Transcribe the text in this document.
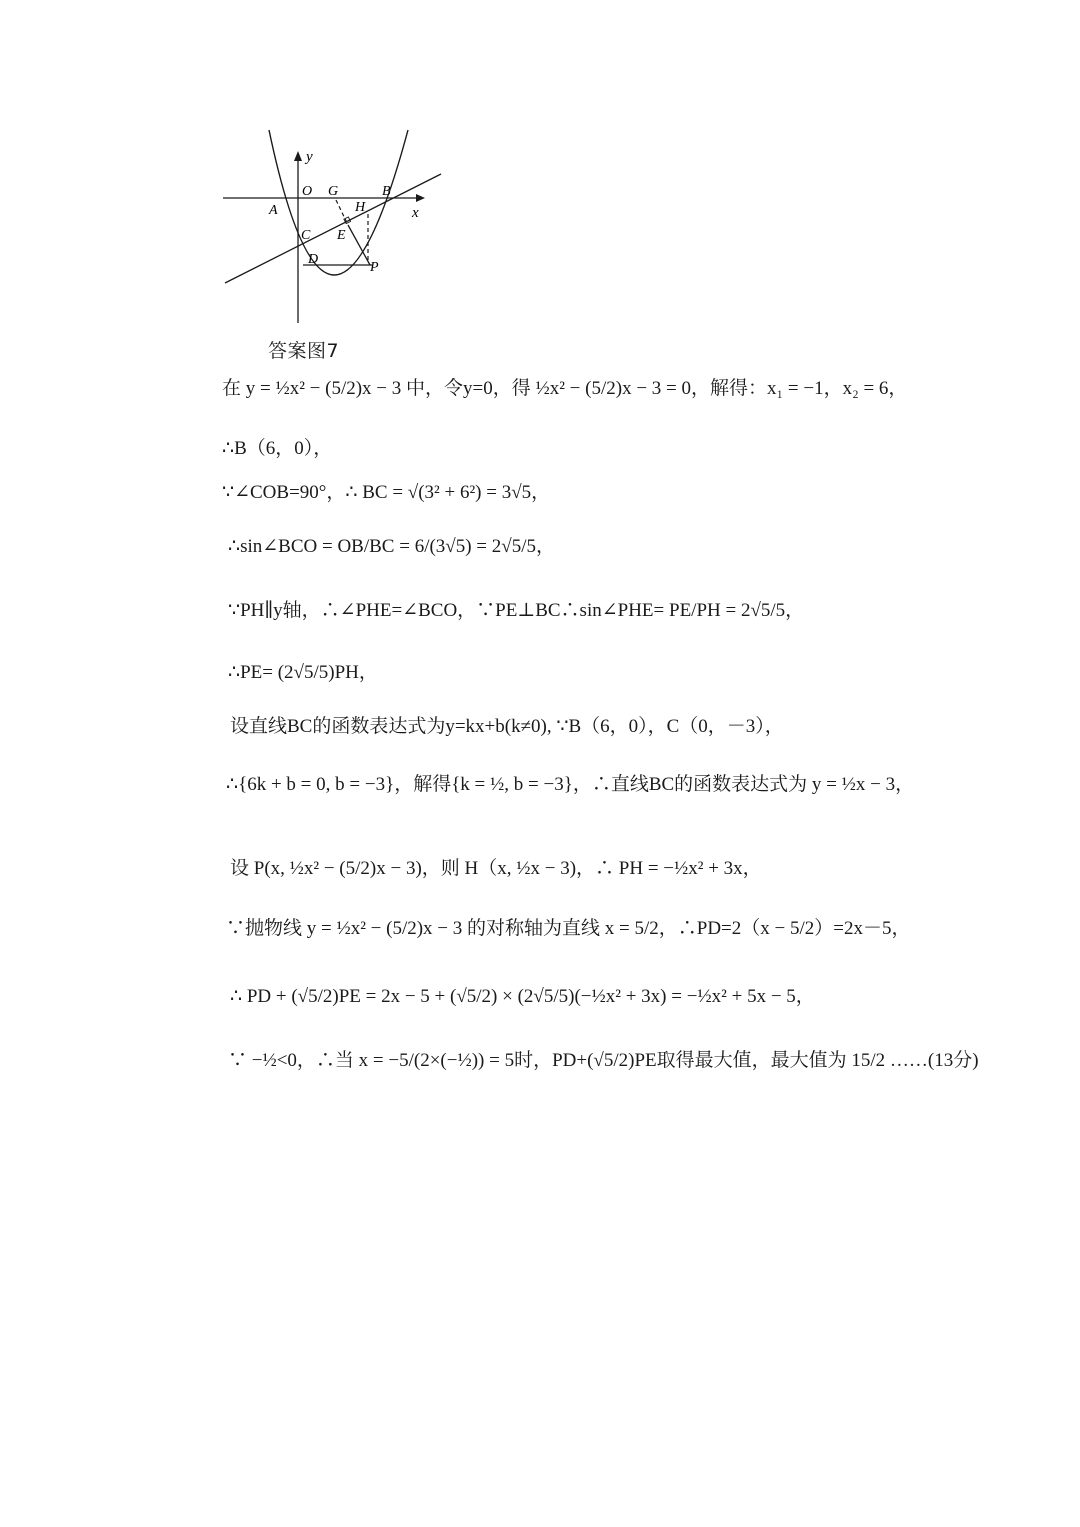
y
x
O G	B
A	H
E
C
D
P
答案图7
在 y = ½x² − (5/2)x − 3 中，令y=0，得 ½x² − (5/2)x − 3 = 0，解得：x₁ = −1，x₂ = 6，
∴B（6，0），
∵∠COB=90°，∴ BC = √(3² + 6²) = 3√5，
∴sin∠BCO = OB/BC = 6/(3√5) = 2√5/5，
∵PH∥y轴，∴∠PHE=∠BCO，∵PE⊥BC∴sin∠PHE= PE/PH = 2√5/5，
∴PE= (2√5/5)PH，
设直线BC的函数表达式为y=kx+b(k≠0), ∵B（6，0），C（0，－3），
∴{6k + b = 0, b = −3}，解得{k = ½, b = −3}，∴直线BC的函数表达式为 y = ½x − 3，
设 P(x, ½x² − (5/2)x − 3)，则 H（x, ½x − 3)，∴ PH = −½x² + 3x，
∵抛物线 y = ½x² − (5/2)x − 3 的对称轴为直线 x = 5/2，∴PD=2（x − 5/2）=2x－5，
∴ PD + (√5/2)PE = 2x − 5 + (√5/2) × (2√5/5)(−½x² + 3x) = −½x² + 5x − 5，
∵ −½<0，∴当 x = −5/(2×(−½)) = 5时，PD+(√5/2)PE取得最大值，最大值为 15/2 ……(13分)
